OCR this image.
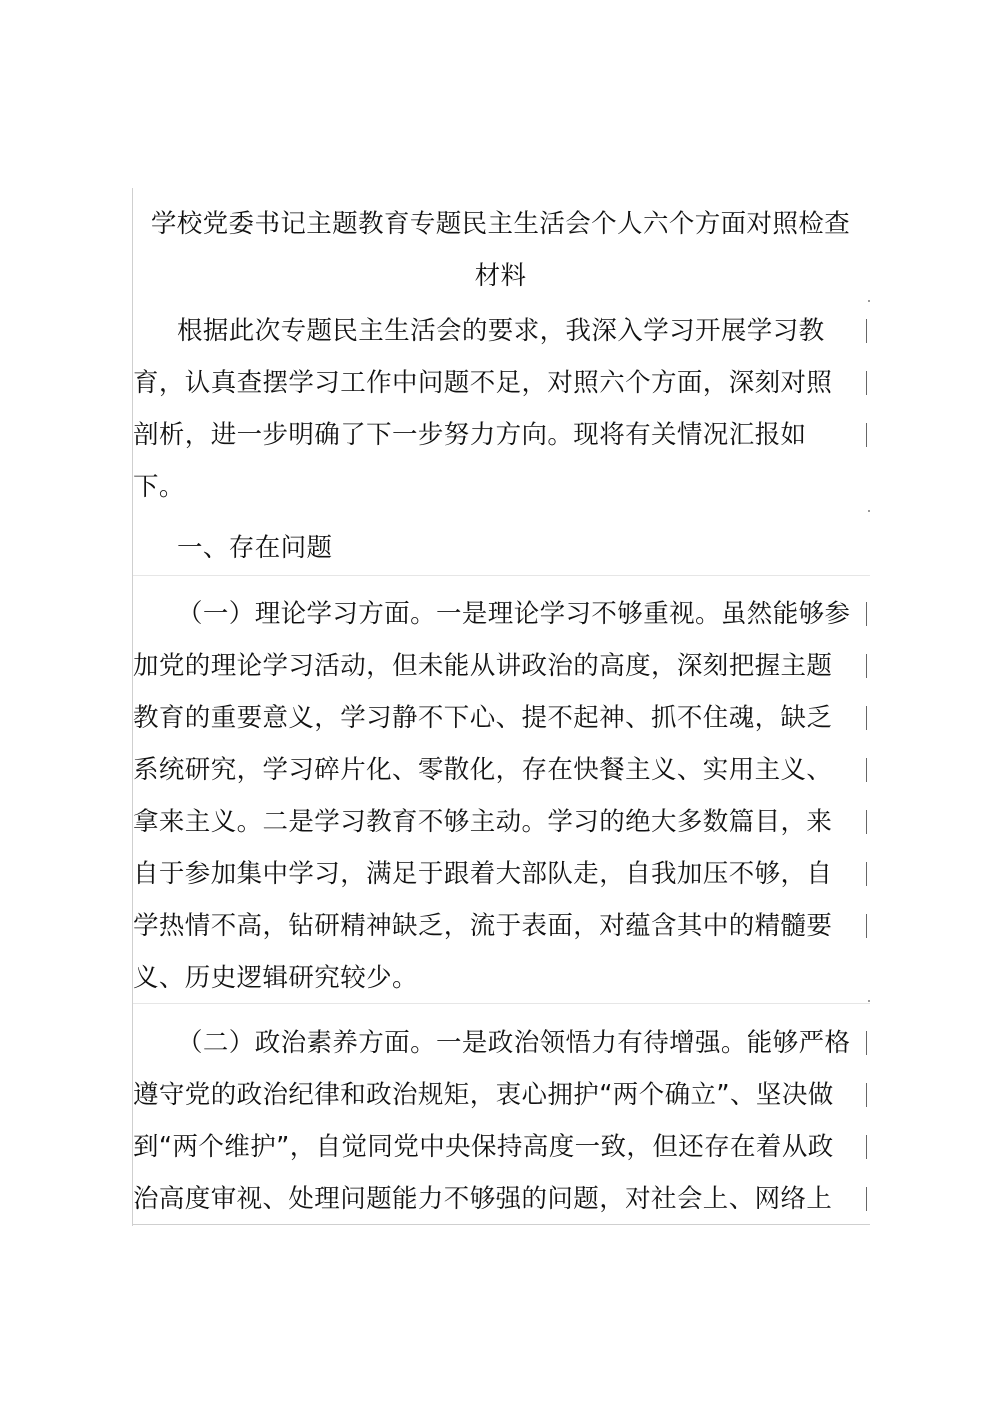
学校党委书记主题教育专题民主生活会个人六个方面对照检查
材料
根据此次专题民主生活会的要求，我深入学习开展学习教
育，认真查摆学习工作中问题不足，对照六个方面，深刻对照
剖析，进一步明确了下一步努力方向。现将有关情况汇报如
下。
一、存在问题
（一）理论学习方面。一是理论学习不够重视。虽然能够参
加党的理论学习活动，但未能从讲政治的高度，深刻把握主题
教育的重要意义，学习静不下心、提不起神、抓不住魂，缺乏
系统研究，学习碎片化、零散化，存在快餐主义、实用主义、
拿来主义。二是学习教育不够主动。学习的绝大多数篇目，来
自于参加集中学习，满足于跟着大部队走，自我加压不够，自
学热情不高，钻研精神缺乏，流于表面，对蕴含其中的精髓要
义、历史逻辑研究较少。
（二）政治素养方面。一是政治领悟力有待增强。能够严格
遵守党的政治纪律和政治规矩，衷心拥护“两个确立”、坚决做
到“两个维护”，自觉同党中央保持高度一致，但还存在着从政
治高度审视、处理问题能力不够强的问题，对社会上、网络上
